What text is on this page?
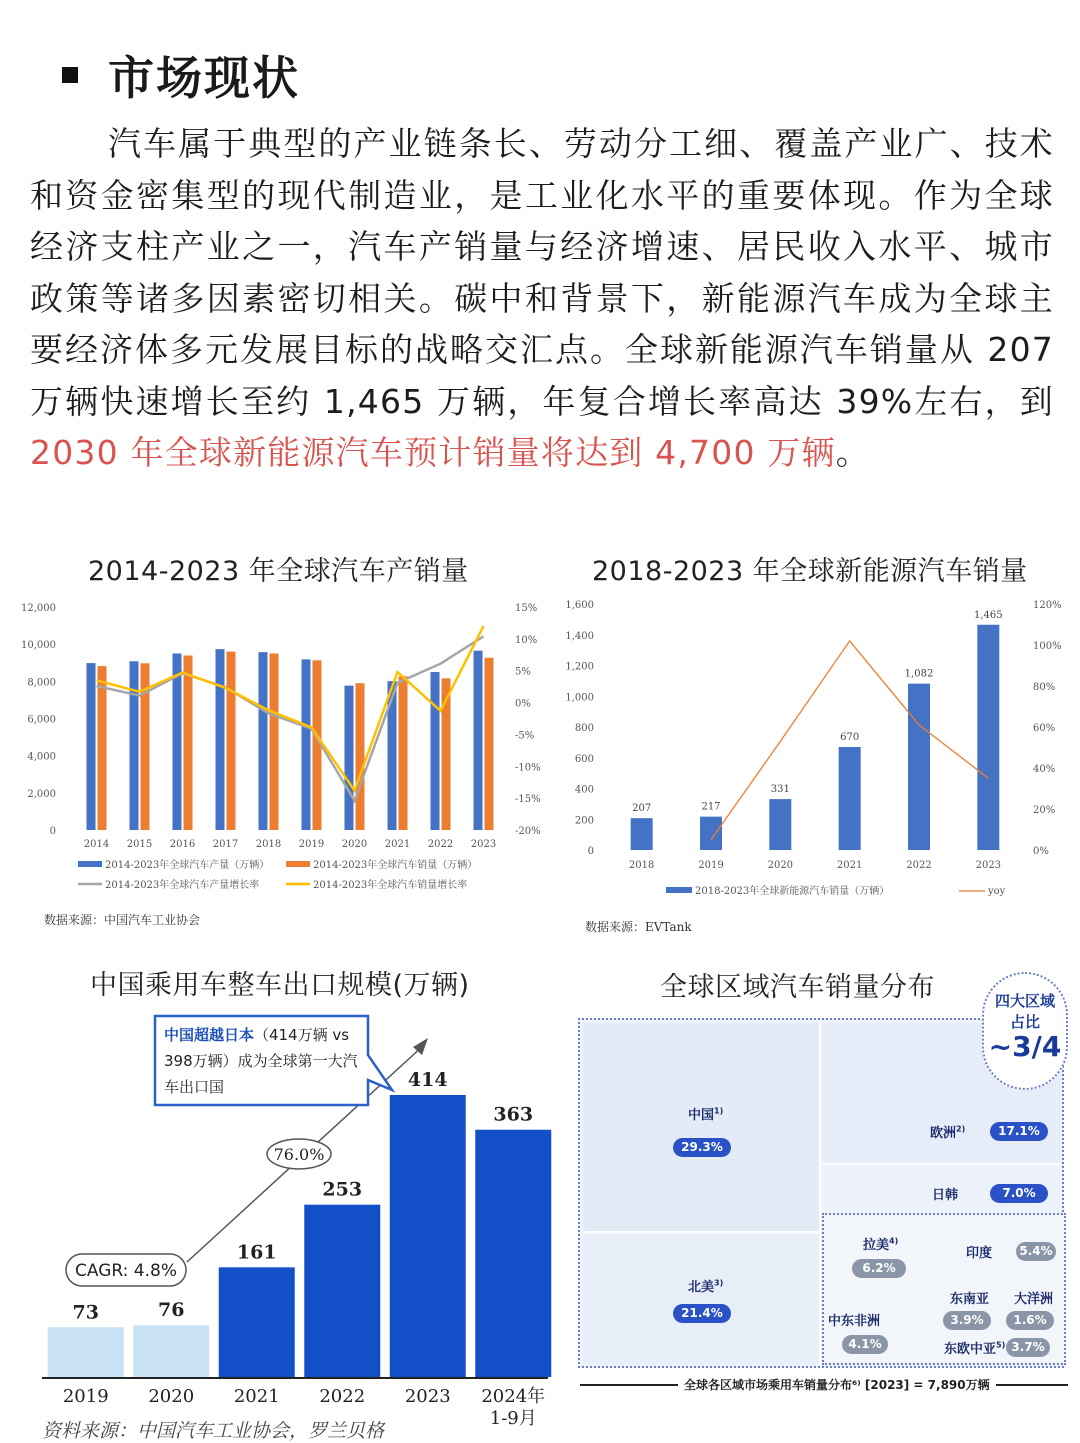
市场现状
汽车属于典型的产业链条长、劳动分工细、覆盖产业广、技术和资金密集型的现代制造业，是工业化水平的重要体现。作为全球经济支柱产业之一，汽车产销量与经济增速、居民收入水平、城市政策等诸多因素密切相关。碳中和背景下，新能源汽车成为全球主要经济体多元发展目标的战略交汇点。全球新能源汽车销量从 207 万辆快速增长至约 1,465 万辆，年复合增长率高达 39%左右，到2030 年全球新能源汽车预计销量将达到 4,700 万辆。
2014-2023 年全球汽车产销量	2018-2023 年全球新能源汽车销量
中国乘用车整车出口规模(万辆)	全球区域汽车销量分布
0
2,000
4,000
6,000
8,000
10,000
12,000
-20%
-15%
-10%
-5%
0%
5%
10%
15%
2014 2015 2016 2017 2018 2019 2020 2021 2022 2023
2014-2023年全球汽车产量（万辆）	2014-2023年全球汽车销量（万辆）
2014-2023年全球汽车产量增长率	2014-2023年全球汽车销量增长率
数据来源：中国汽车工业协会
207	217
331
670
1,082
1,465
0
200
400
600
800
1,000
1,200
1,400
1,600
0%
20%
40%
60%
80%
100%
120%
2018	2019	2020	2021	2022	2023
2018-2023年全球新能源汽车销量（万辆）	yoy
数据来源：EVTank
73
2019
76
2020
161
2021
253
2022
414
2023
363
2024年
1-9月
CAGR: 4.8%
76.0%
中国超越日本（414万辆 vs 398万辆）成为全球第一大汽车出口国
资料来源：中国汽车工业协会，罗兰贝格
中国$^{1)}$
29.3%
北美$^{3)}$
21.4%
欧洲$^{2)}$	17.1%
日韩	7.0%
拉美$^{4)}$
6.2%
中东非洲
4.1%
印度 5.4%
东南亚
3.9%
大洋洲
1.6%
东欧中亚$^{5)}$ 3.7%
四大区域
占比
~3/4
全球各区域市场乘用车销量分布⁶⁾ [2023] = 7,890万辆
